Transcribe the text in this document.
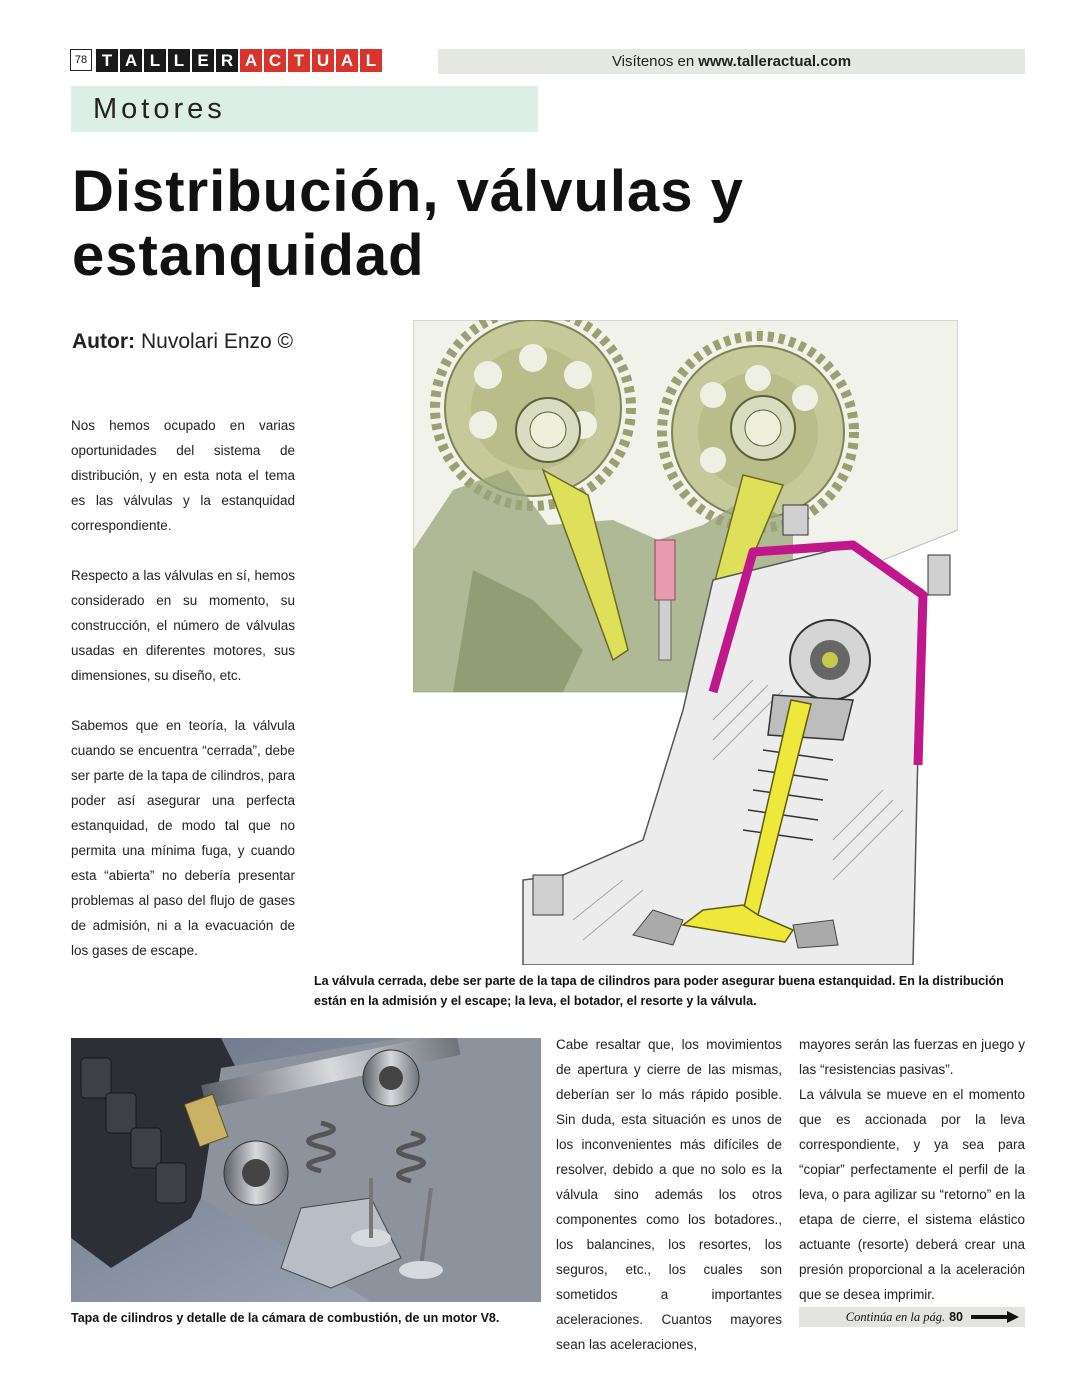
78 T A L L E R A C T U A L	Visítenos en www.talleractual.com
Motores
Distribución, válvulas y estanquidad
Autor: Nuvolari Enzo ©

Nos hemos ocupado en varias oportunidades del sistema de distribución, y en esta nota el tema es las válvulas y la estanquidad correspondiente.

Respecto a las válvulas en sí, hemos considerado en su momento, su construcción, el número de válvulas usadas en diferentes motores, sus dimensiones, su diseño, etc.

Sabemos que en teoría, la válvula cuando se encuentra “cerrada”, debe ser parte de la tapa de cilindros, para poder así asegurar una perfecta estanquidad, de modo tal que no permita una mínima fuga, y cuando esta “abierta” no debería presentar problemas al paso del flujo de gases de admisión, ni a la evacuación de los gases de escape.

La válvula cerrada, debe ser parte de la tapa de cilindros para poder asegurar buena estanquidad. En la distribución están en la admisión y el escape; la leva, el botador, el resorte y la válvula.
Tapa de cilindros y detalle de la cámara de combustión, de un motor V8.

Cabe resaltar que, los movimientos de apertura y cierre de las mismas, deberían ser lo más rápido posible. Sin duda, esta situación es unos de los inconvenientes más difíciles de resolver, debido a que no solo es la válvula sino además los otros componentes como los botadores., los balancines, los resortes, los seguros, etc., los cuales son sometidos a importantes aceleraciones. Cuantos mayores sean las aceleraciones,

mayores serán las fuerzas en juego y las “resistencias pasivas”.

La válvula se mueve en el momento que es accionada por la leva correspondiente, y ya sea para “copiar” perfectamente el perfil de la leva, o para agilizar su “retorno” en la etapa de cierre, el sistema elástico actuante (resorte) deberá crear una presión proporcional a la aceleración que se desea imprimir.

Continúa en la pág. 80
